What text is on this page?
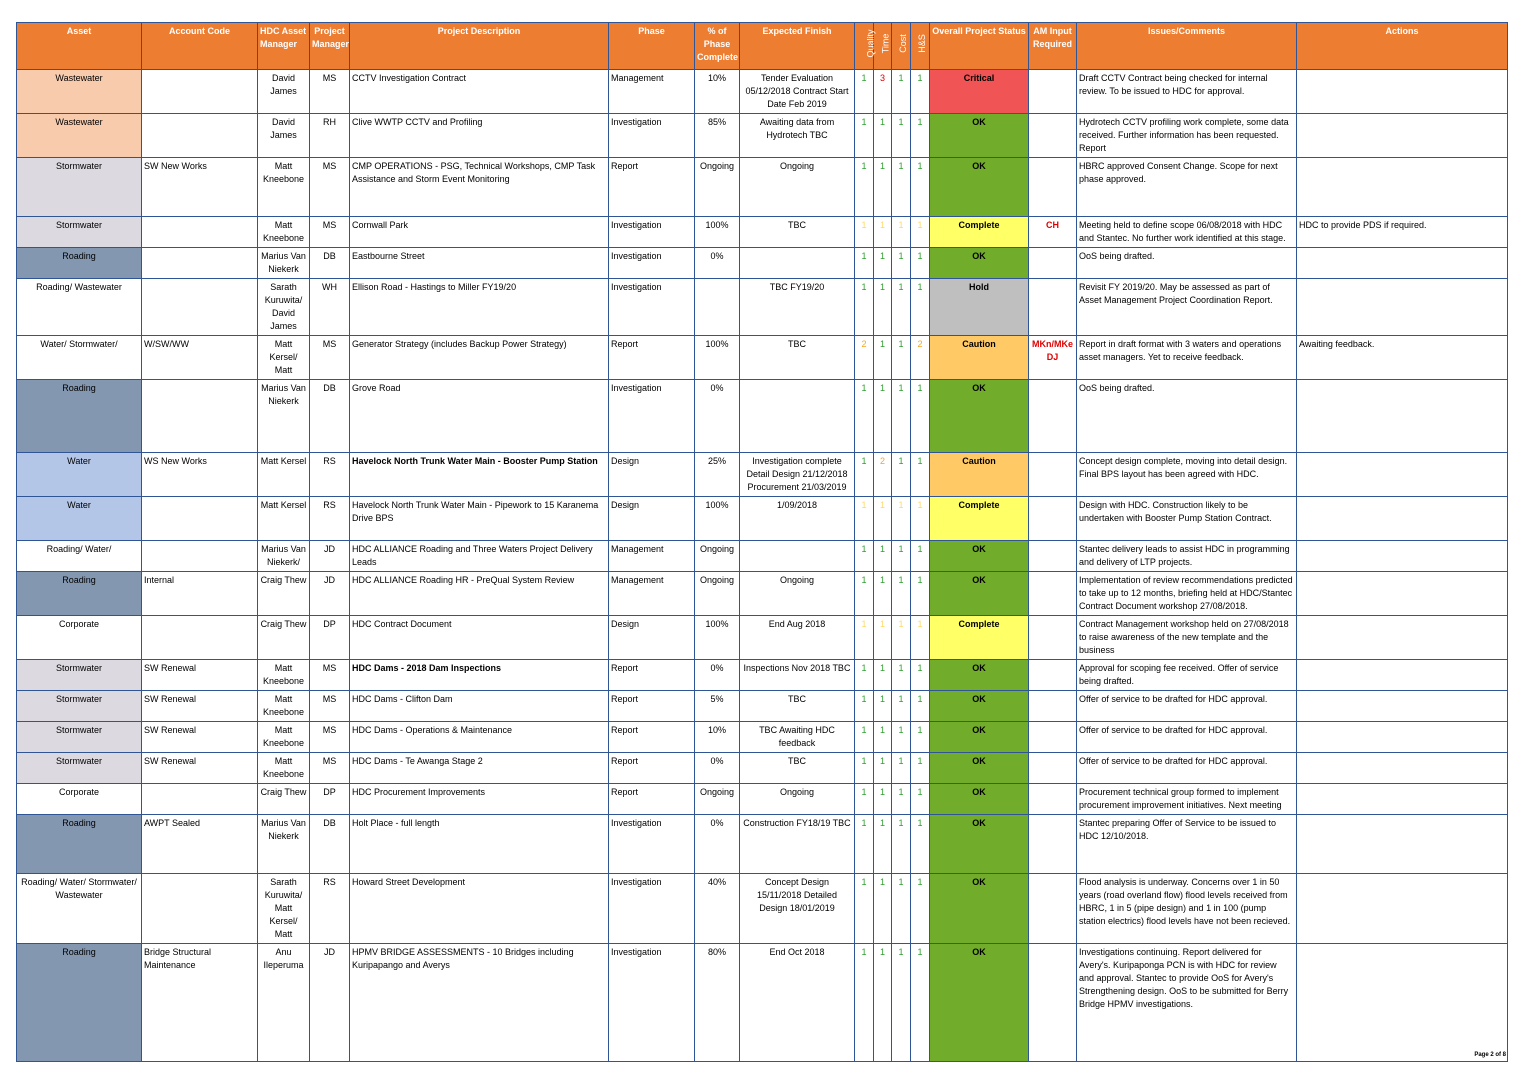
Asset	Account Code	HDC Asset Manager	Project Manager	Project Description	Phase	% of Phase Complete	Expected Finish	Quality	Time	Cost	H&S	Overall Project Status	AM Input Required	Issues/Comments	Actions
Wastewater		David James	MS	CCTV Investigation Contract	Management	10%	Tender Evaluation 05/12/2018 Contract Start Date Feb 2019	1	3	1	1	Critical		Draft CCTV Contract being checked for internal review. To be issued to HDC for approval.	
Wastewater		David James	RH	Clive WWTP CCTV and Profiling	Investigation	85%	Awaiting data from Hydrotech TBC	1	1	1	1	OK		Hydrotech CCTV profiling work complete, some data received. Further information has been requested. Report	
Stormwater	SW New Works	Matt Kneebone	MS	CMP OPERATIONS - PSG, Technical Workshops, CMP Task Assistance and Storm Event Monitoring	Report	Ongoing	Ongoing	1	1	1	1	OK		HBRC approved Consent Change. Scope for next phase approved.	
Stormwater		Matt Kneebone	MS	Cornwall Park	Investigation	100%	TBC	1	1	1	1	Complete	CH	Meeting held to define scope 06/08/2018 with HDC and Stantec. No further work identified at this stage.	HDC to provide PDS if required.
Roading		Marius Van Niekerk	DB	Eastbourne Street	Investigation	0%		1	1	1	1	OK		OoS being drafted.	
Roading/ Wastewater		Sarath Kuruwita/ David James	WH	Ellison Road - Hastings to Miller FY19/20	Investigation		TBC FY19/20	1	1	1	1	Hold		Revisit FY 2019/20. May be assessed as part of Asset Management Project Coordination Report.	
Water/ Stormwater/	W/SW/WW	Matt Kersel/ Matt	MS	Generator Strategy (includes Backup Power Strategy)	Report	100%	TBC	2	1	1	2	Caution	MKn/MKe DJ	Report in draft format with 3 waters and operations asset managers. Yet to receive feedback.	Awaiting feedback.
Roading		Marius Van Niekerk	DB	Grove Road	Investigation	0%		1	1	1	1	OK		OoS being drafted.	
Water	WS New Works	Matt Kersel	RS	Havelock North Trunk Water Main - Booster Pump Station	Design	25%	Investigation complete Detail Design 21/12/2018 Procurement 21/03/2019	1	2	1	1	Caution		Concept design complete, moving into detail design. Final BPS layout has been agreed with HDC.	
Water		Matt Kersel	RS	Havelock North Trunk Water Main - Pipework to 15 Karanema Drive BPS	Design	100%	1/09/2018	1	1	1	1	Complete		Design with HDC. Construction likely to be undertaken with Booster Pump Station Contract.	
Roading/ Water/		Marius Van Niekerk/	JD	HDC ALLIANCE Roading and Three Waters Project Delivery Leads	Management	Ongoing		1	1	1	1	OK		Stantec delivery leads to assist HDC in programming and delivery of LTP projects.	
Roading	Internal	Craig Thew	JD	HDC ALLIANCE Roading HR - PreQual System Review	Management	Ongoing	Ongoing	1	1	1	1	OK		Implementation of review recommendations predicted to take up to 12 months, briefing held at HDC/Stantec Contract Document workshop 27/08/2018.	
Corporate		Craig Thew	DP	HDC Contract Document	Design	100%	End Aug 2018	1	1	1	1	Complete		Contract Management workshop held on 27/08/2018 to raise awareness of the new template and the business	
Stormwater	SW Renewal	Matt Kneebone	MS	HDC Dams - 2018 Dam Inspections	Report	0%	Inspections Nov 2018 TBC	1	1	1	1	OK		Approval for scoping fee received. Offer of service being drafted.	
Stormwater	SW Renewal	Matt Kneebone	MS	HDC Dams - Clifton Dam	Report	5%	TBC	1	1	1	1	OK		Offer of service to be drafted for HDC approval.	
Stormwater	SW Renewal	Matt Kneebone	MS	HDC Dams - Operations & Maintenance	Report	10%	TBC Awaiting HDC feedback	1	1	1	1	OK		Offer of service to be drafted for HDC approval.	
Stormwater	SW Renewal	Matt Kneebone	MS	HDC Dams - Te Awanga Stage 2	Report	0%	TBC	1	1	1	1	OK		Offer of service to be drafted for HDC approval.	
Corporate		Craig Thew	DP	HDC Procurement Improvements	Report	Ongoing	Ongoing	1	1	1	1	OK		Procurement technical group formed to implement procurement improvement initiatives. Next meeting	
Roading	AWPT Sealed	Marius Van Niekerk	DB	Holt Place - full length	Investigation	0%	Construction FY18/19 TBC	1	1	1	1	OK		Stantec preparing Offer of Service to be issued to HDC 12/10/2018.	
Roading/ Water/ Stormwater/ Wastewater		Sarath Kuruwita/ Matt Kersel/ Matt	RS	Howard Street Development	Investigation	40%	Concept Design 15/11/2018 Detailed Design 18/01/2019	1	1	1	1	OK		Flood analysis is underway. Concerns over 1 in 50 years (road overland flow) flood levels received from HBRC, 1 in 5 (pipe design) and 1 in 100 (pump station electrics) flood levels have not been recieved.	
Roading	Bridge Structural Maintenance	Anu Ileperuma	JD	HPMV BRIDGE ASSESSMENTS - 10 Bridges including Kuripapango and Averys	Investigation	80%	End Oct 2018	1	1	1	1	OK		Investigations continuing. Report delivered for Avery's. Kuripaponga PCN is with HDC for review and approval. Stantec to provide OoS for Avery's Strengthening design. OoS to be submitted for Berry Bridge HPMV investigations.	
Page 2 of 8
